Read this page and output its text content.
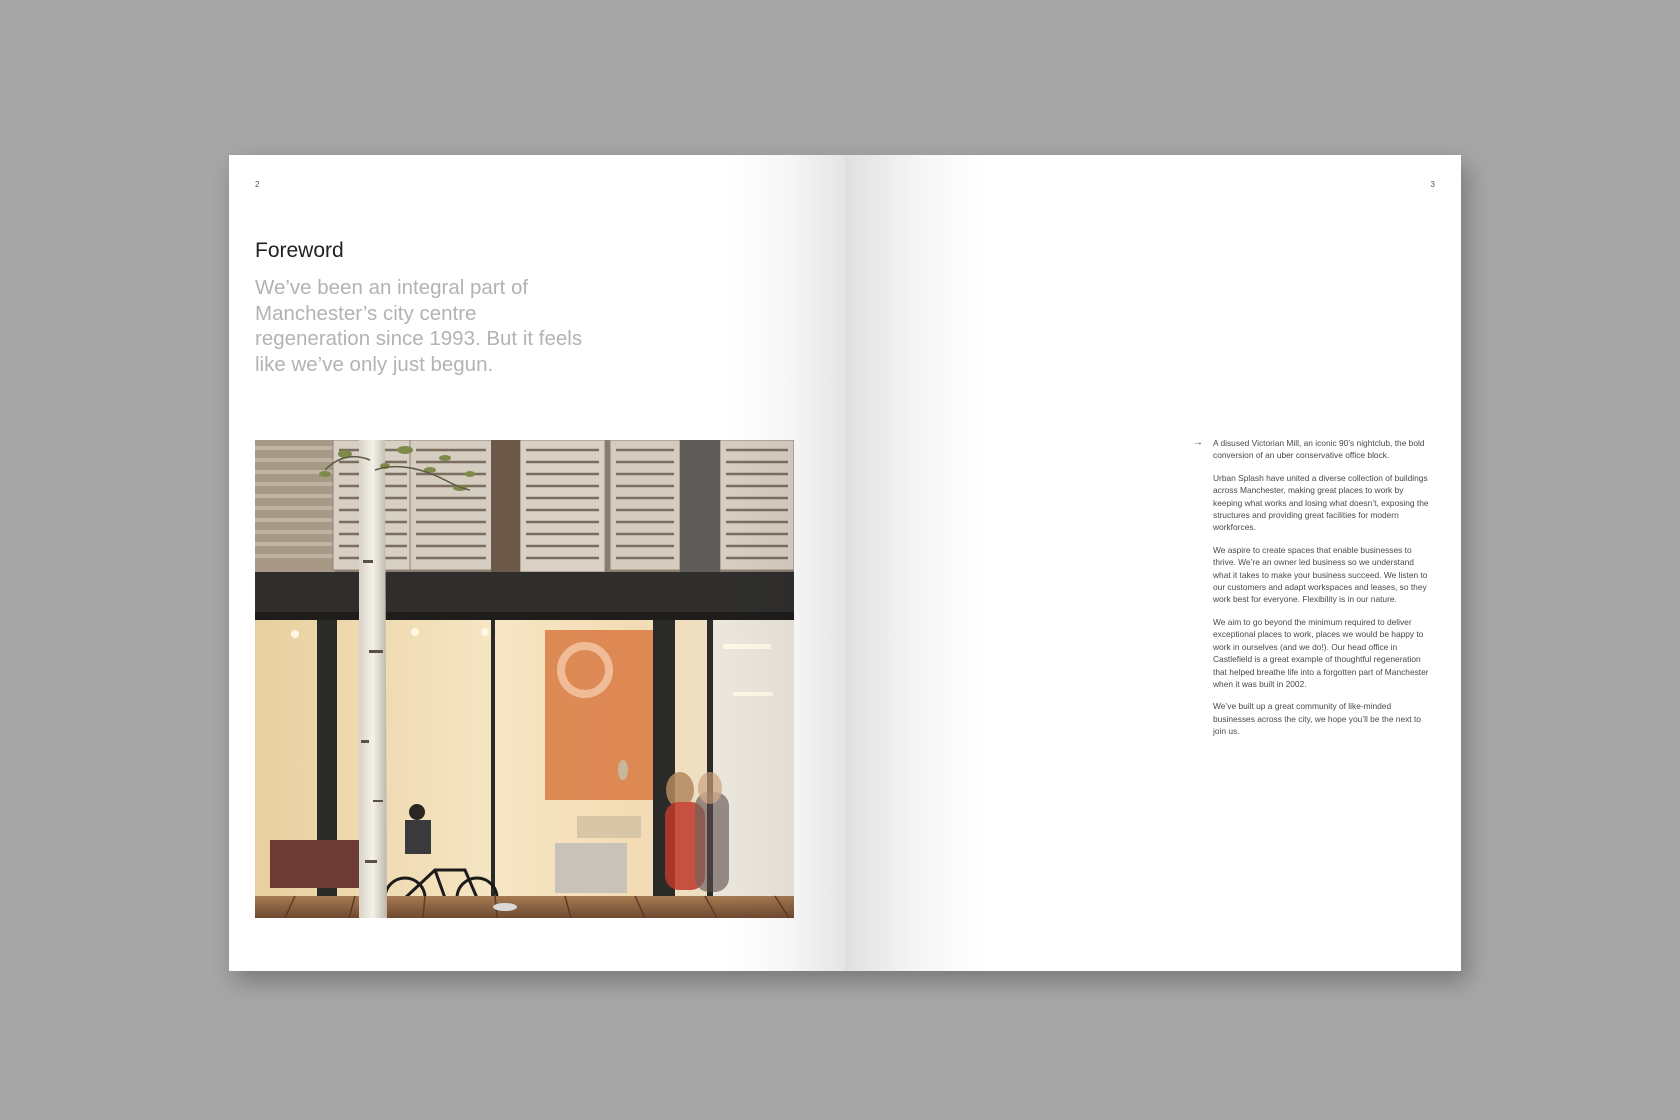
2
Foreword

We’ve been an integral part of Manchester’s city centre regeneration since 1993. But it feels like we’ve only just begun.

3
→ A disused Victorian Mill, an iconic 90’s nightclub, the bold conversion of an uber conservative office block.

Urban Splash have united a diverse collection of buildings across Manchester, making great places to work by keeping what works and losing what doesn’t, exposing the structures and providing great facilities for modern workforces.

We aspire to create spaces that enable businesses to thrive. We’re an owner led business so we understand what it takes to make your business succeed. We listen to our customers and adapt workspaces and leases, so they work best for everyone. Flexibility is in our nature.

We aim to go beyond the minimum required to deliver exceptional places to work, places we would be happy to work in ourselves (and we do!). Our head office in Castlefield is a great example of thoughtful regeneration that helped breathe life into a forgotten part of Manchester when it was built in 2002.

We’ve built up a great community of like-minded businesses across the city, we hope you’ll be the next to join us.
